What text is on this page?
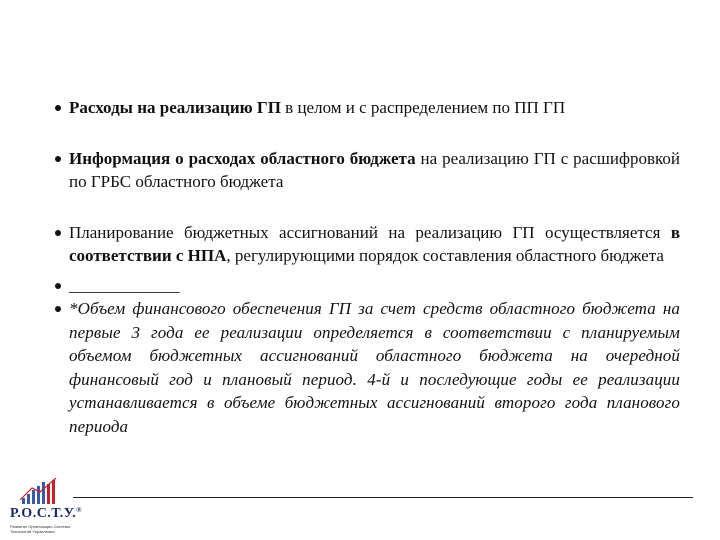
Расходы на реализацию ГП в целом и с распределением по ПП ГП
Информация о расходах областного бюджета на реализацию ГП с расшифровкой по ГРБС областного бюджета
Планирование бюджетных ассигнований на реализацию ГП осуществляется в соответствии с НПА, регулирующими порядок составления областного бюджета
_____________
*Объем финансового обеспечения ГП за счет средств областного бюджета на первые 3 года ее реализации определяется в соответствии с планируемым объемом бюджетных ассигнований областного бюджета на очередной финансовый год и плановый период. 4-й и последующие годы ее реализации устанавливается в объеме бюджетных ассигнований второго года планового периода
Р.О.С.Т.У.®
Развитие Организации Системы Технологий Управления
